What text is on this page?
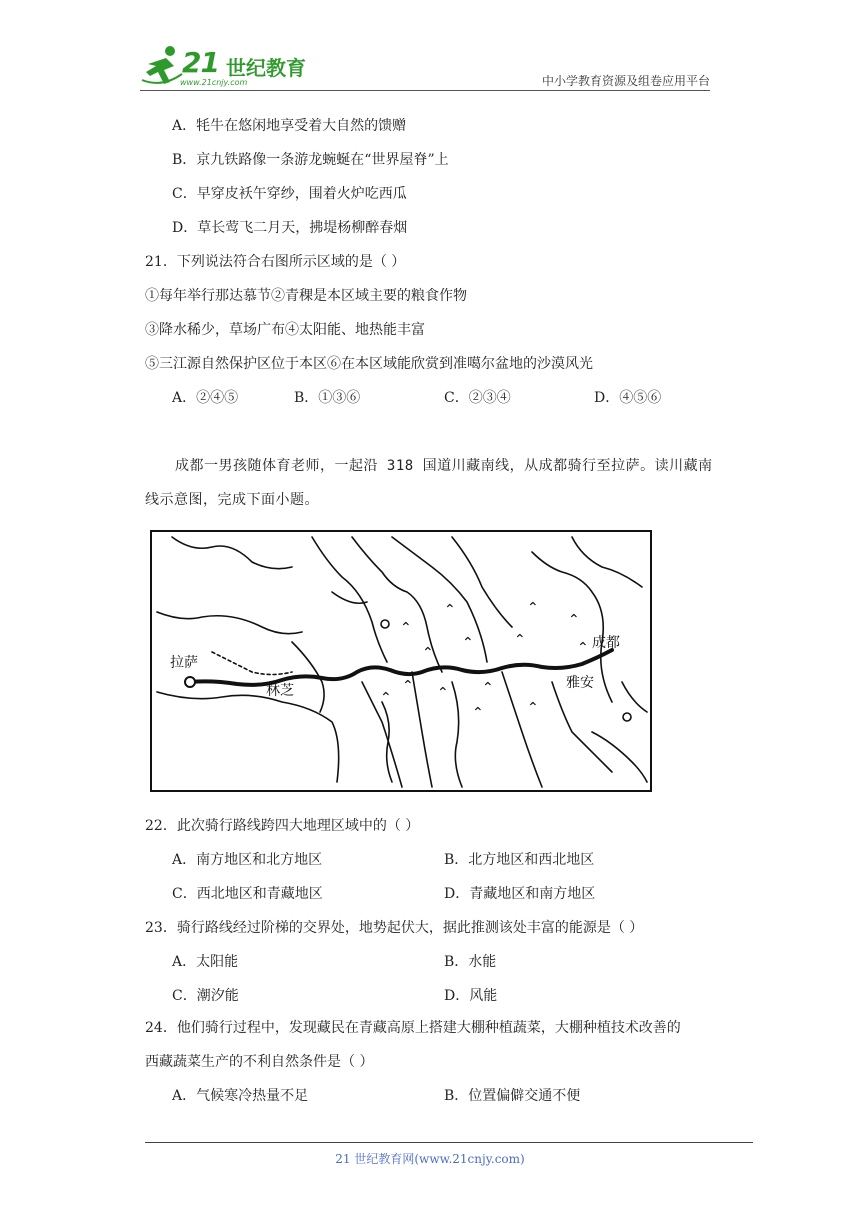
21 世纪教育
www.21cnjy.com	中小学教育资源及组卷应用平台
A．牦牛在悠闲地享受着大自然的馈赠
B．京九铁路像一条游龙蜿蜒在“世界屋脊”上
C．早穿皮袄午穿纱，围着火炉吃西瓜
D．草长莺飞二月天，拂堤杨柳醉春烟
21．下列说法符合右图所示区域的是（ ）
①每年举行那达慕节②青稞是本区域主要的粮食作物
③降水稀少，草场广布④太阳能、地热能丰富
⑤三江源自然保护区位于本区⑥在本区域能欣赏到准噶尔盆地的沙漠风光
A．②④⑤	B．①③⑥	C．②③④	D．④⑤⑥
成都一男孩随体育老师，一起沿 318 国道川藏南线，从成都骑行至拉萨。读川藏南
线示意图，完成下面小题。
⌃
⌃
⌃
⌃	⌃
⌃
⌃
⌃
⌃
⌃	⌃
⌃
⌃ ⌃
拉萨
林芝
成都
雅安
22．此次骑行路线跨四大地理区域中的（ ）
A．南方地区和北方地区	B．北方地区和西北地区
C．西北地区和青藏地区	D．青藏地区和南方地区
23．骑行路线经过阶梯的交界处，地势起伏大，据此推测该处丰富的能源是（ ）
A．太阳能	B．水能
C．潮汐能	D．风能
24．他们骑行过程中，发现藏民在青藏高原上搭建大棚种植蔬菜，大棚种植技术改善的
西藏蔬菜生产的不利自然条件是（ ）
A．气候寒冷热量不足	B．位置偏僻交通不便
21 世纪教育网(www.21cnjy.com)
